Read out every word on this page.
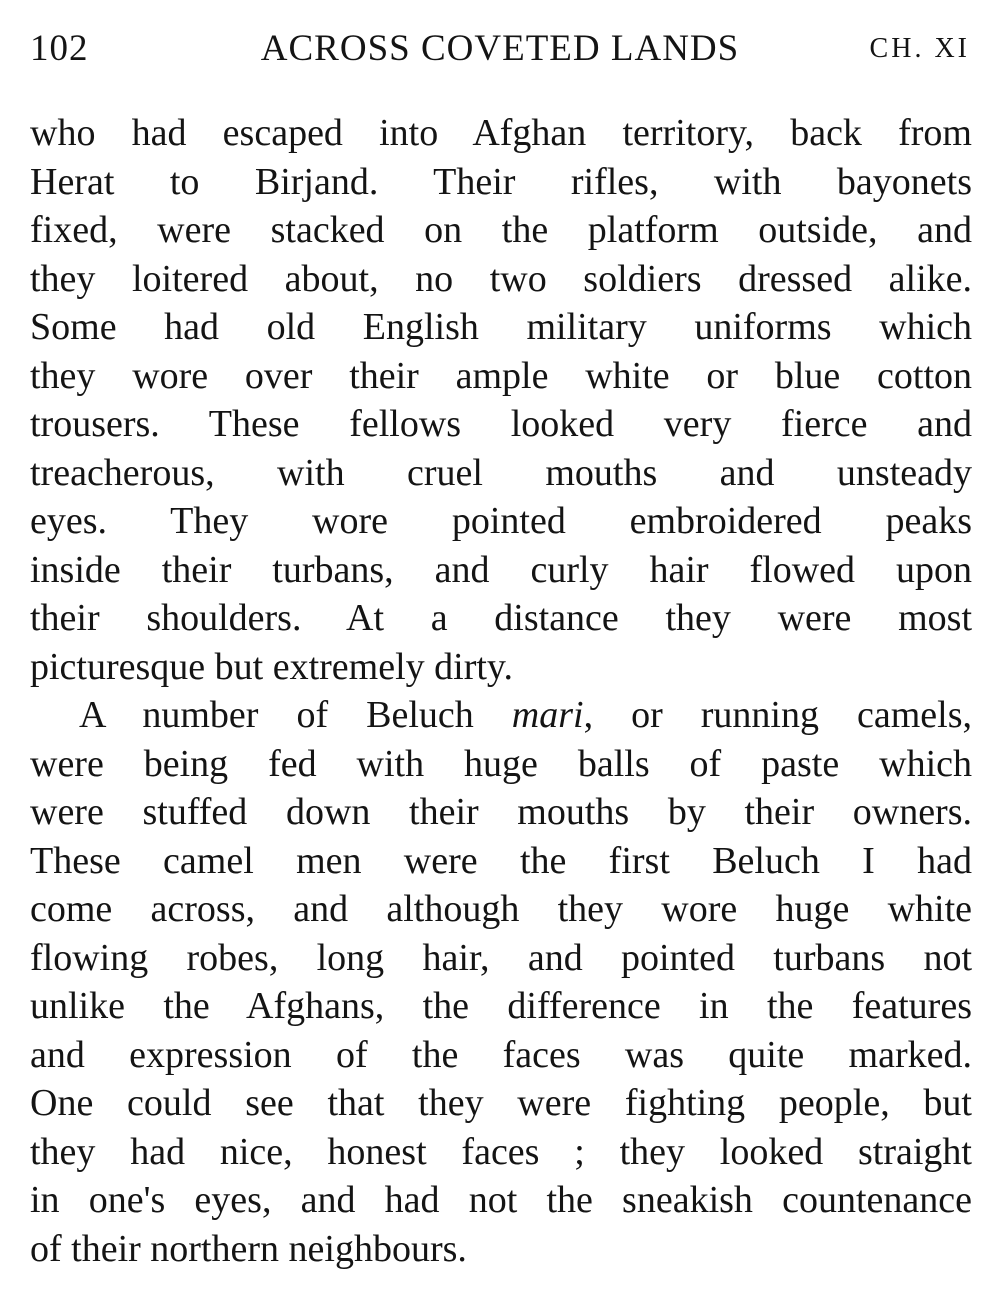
102	ACROSS COVETED LANDS	CH. XI
who had escaped into Afghan territory, back from
Herat to Birjand. Their rifles, with bayonets
fixed, were stacked on the platform outside, and
they loitered about, no two soldiers dressed alike.
Some had old English military uniforms which
they wore over their ample white or blue cotton
trousers. These fellows looked very fierce and
treacherous, with cruel mouths and unsteady
eyes. They wore pointed embroidered peaks
inside their turbans, and curly hair flowed upon
their shoulders. At a distance they were most
picturesque but extremely dirty.
A number of Beluch mari, or running camels,
were being fed with huge balls of paste which
were stuffed down their mouths by their owners.
These camel men were the first Beluch I had
come across, and although they wore huge white
flowing robes, long hair, and pointed turbans not
unlike the Afghans, the difference in the features
and expression of the faces was quite marked.
One could see that they were fighting people, but
they had nice, honest faces ; they looked straight
in one's eyes, and had not the sneakish countenance
of their northern neighbours.
